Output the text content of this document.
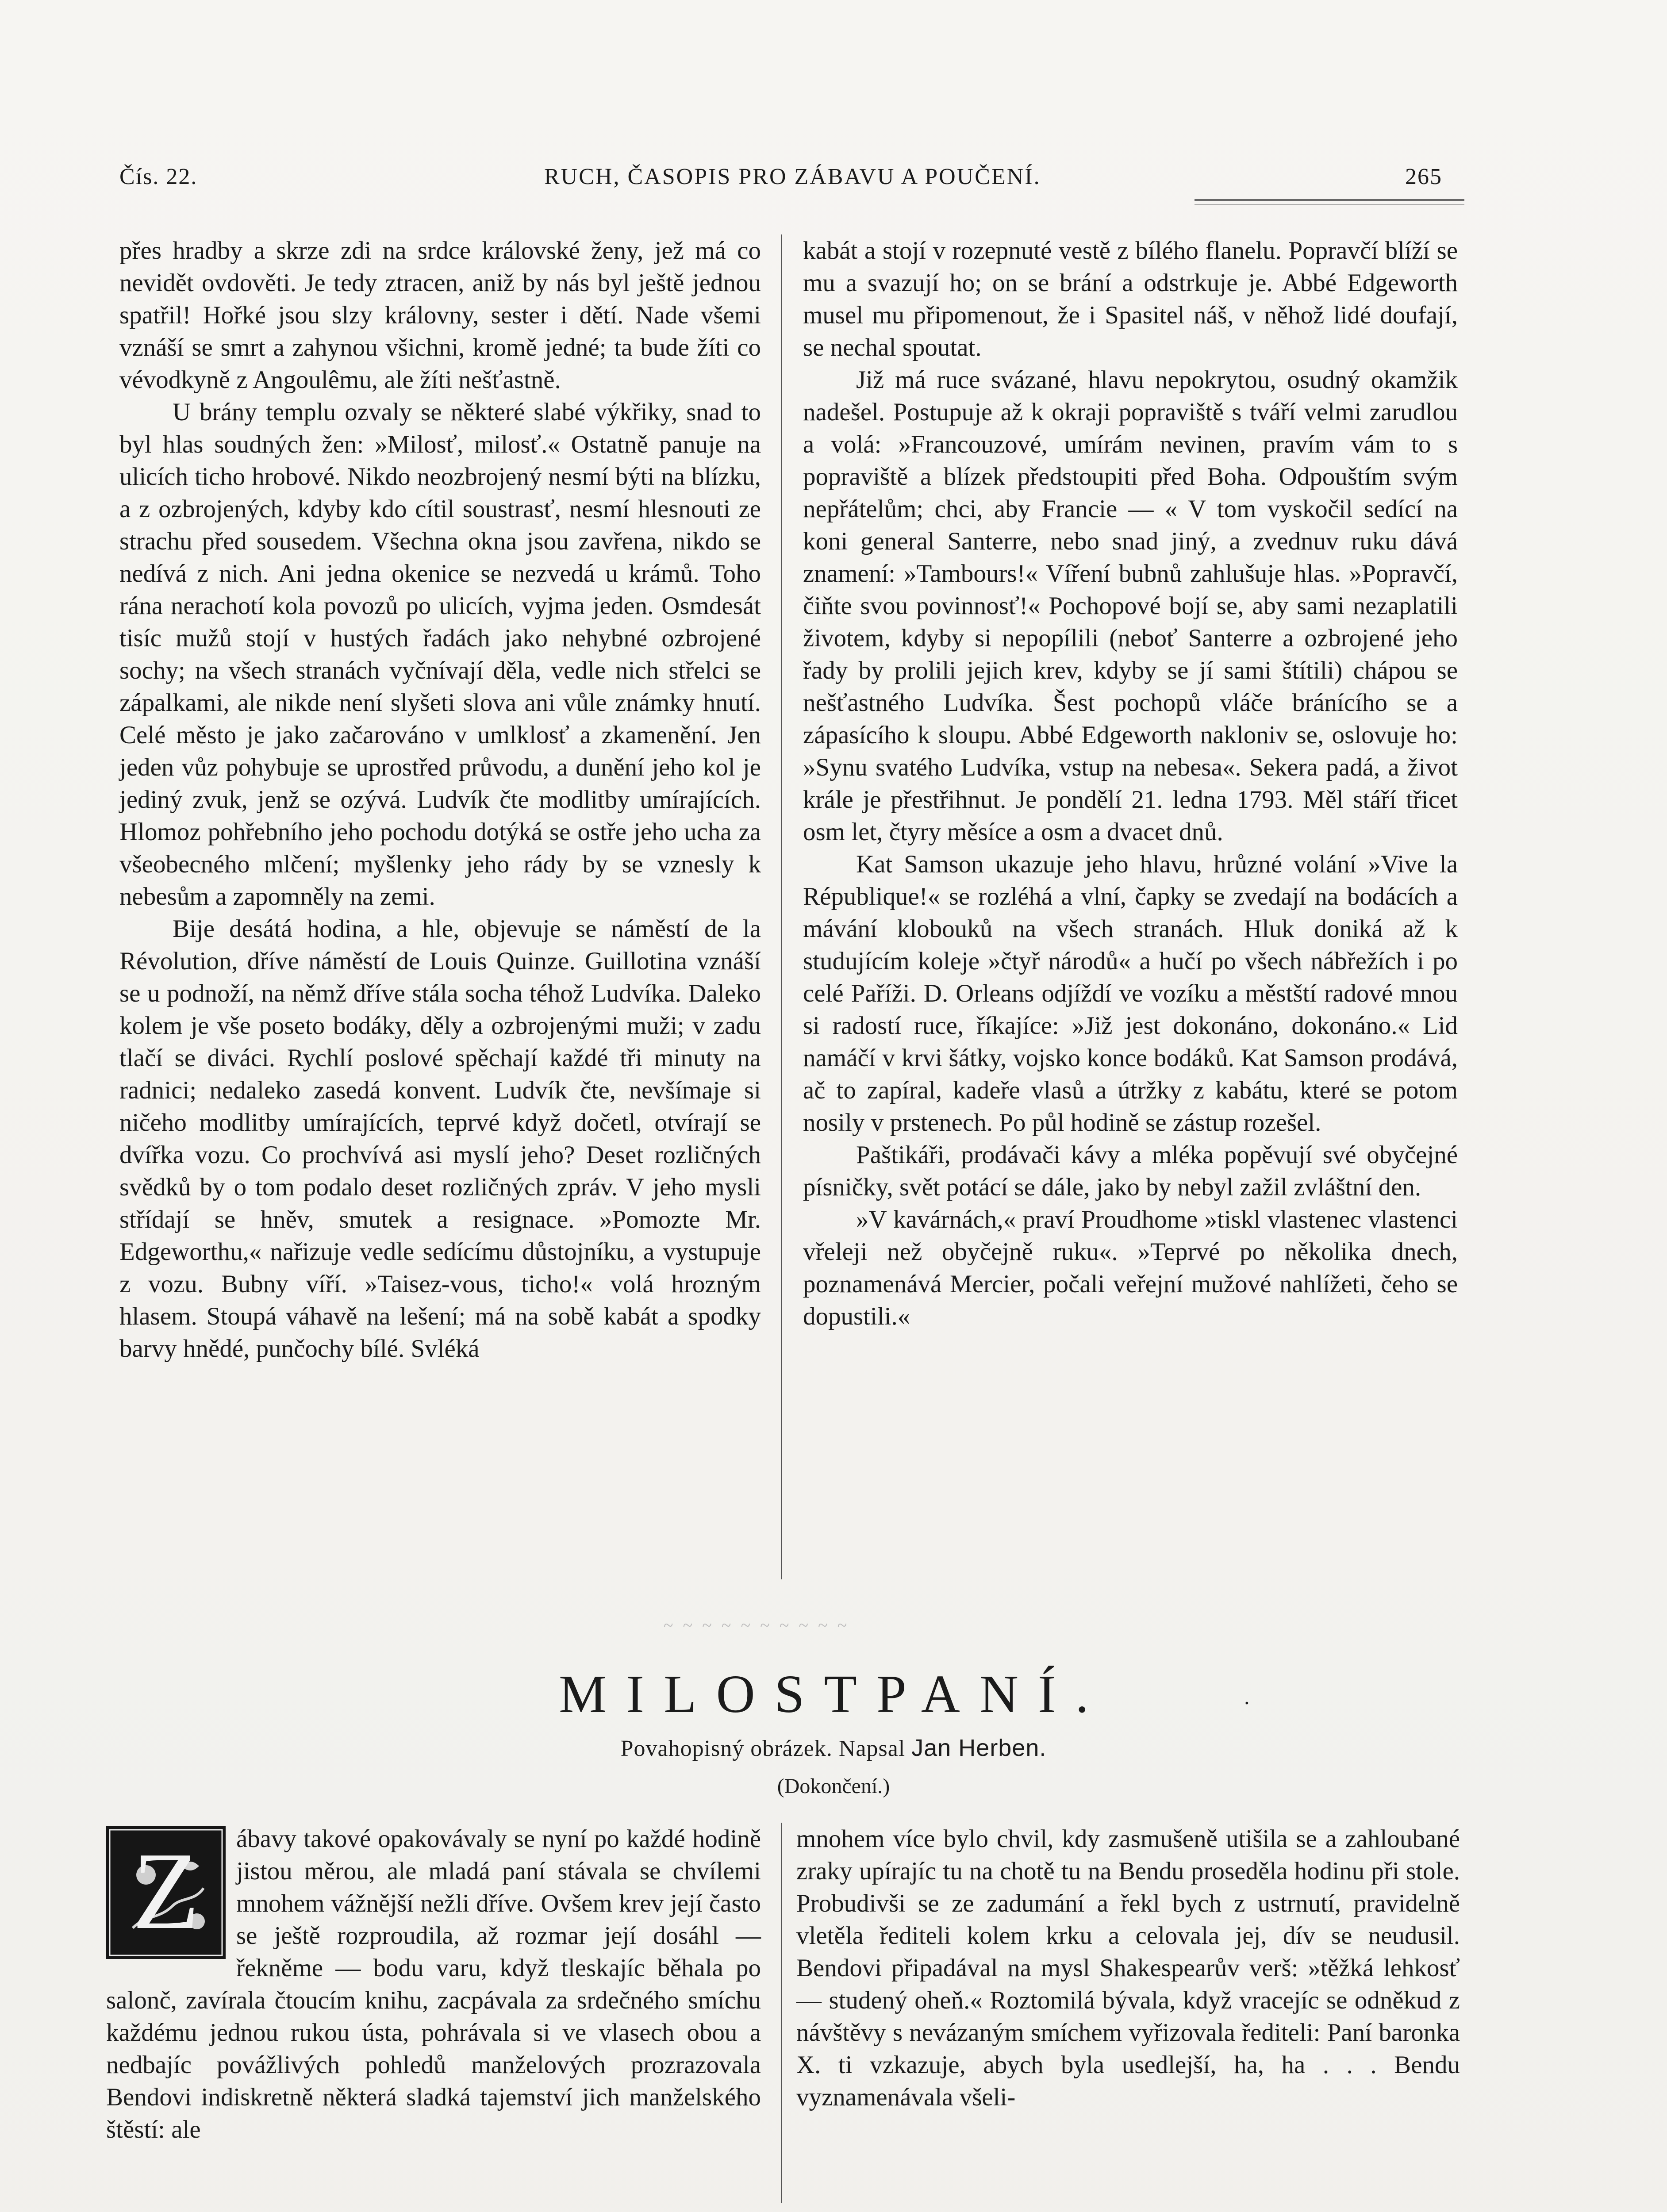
Čís. 22.	RUCH, ČASOPIS PRO ZÁBAVU A POUČENÍ.	265

přes hradby a skrze zdi na srdce královské ženy, jež má co nevidět ovdověti. Je tedy ztracen, aniž by nás byl ještě jednou spatřil! Hořké jsou slzy královny, sester i dětí. Nade všemi vznáší se smrt a zahynou všichni, kromě jedné; ta bude žíti co vévodkyně z Angoulêmu, ale žíti nešťastně.

U brány templu ozvaly se některé slabé výkřiky, snad to byl hlas soudných žen: »Milosť, milosť.« Ostatně panuje na ulicích ticho hrobové. Nikdo neozbrojený nesmí býti na blízku, a z ozbrojených, kdyby kdo cítil soustrasť, nesmí hlesnouti ze strachu před sousedem. Všechna okna jsou zavřena, nikdo se nedívá z nich. Ani jedna okenice se nezvedá u krámů. Toho rána nerachotí kola povozů po ulicích, vyjma jeden. Osmdesát tisíc mužů stojí v hustých řadách jako nehybné ozbrojené sochy; na všech stranách vyčnívají děla, vedle nich střelci se zápalkami, ale nikde není slyšeti slova ani vůle známky hnutí. Celé město je jako začarováno v umlklosť a zkamenění. Jen jeden vůz pohybuje se uprostřed průvodu, a dunění jeho kol je jediný zvuk, jenž se ozývá. Ludvík čte modlitby umírajících. Hlomoz pohřebního jeho pochodu dotýká se ostře jeho ucha za všeobecného mlčení; myšlenky jeho rády by se vznesly k nebesům a zapomněly na zemi.

Bije desátá hodina, a hle, objevuje se náměstí de la Révolution, dříve náměstí de Louis Quinze. Guillotina vznáší se u podnoží, na němž dříve stála socha téhož Ludvíka. Daleko kolem je vše poseto bodáky, děly a ozbrojenými muži; v zadu tlačí se diváci. Rychlí poslové spěchají každé tři minuty na radnici; nedaleko zasedá konvent. Ludvík čte, nevšímaje si ničeho modlitby umírajících, teprvé když dočetl, otvírají se dvířka vozu. Co prochvívá asi myslí jeho? Deset rozličných svědků by o tom podalo deset rozličných zpráv. V jeho mysli střídají se hněv, smutek a resignace. »Pomozte Mr. Edgeworthu,« nařizuje vedle sedícímu důstojníku, a vystupuje z vozu. Bubny víří. »Taisez-vous, ticho!« volá hrozným hlasem. Stoupá váhavě na lešení; má na sobě kabát a spodky barvy hnědé, punčochy bílé. Svléká

kabát a stojí v rozepnuté vestě z bílého flanelu. Popravčí blíží se mu a svazují ho; on se brání a odstrkuje je. Abbé Edgeworth musel mu připomenout, že i Spasitel náš, v něhož lidé doufají, se nechal spoutat.

Již má ruce svázané, hlavu nepokrytou, osudný okamžik nadešel. Postupuje až k okraji popraviště s tváří velmi zarudlou a volá: »Francouzové, umírám nevinen, pravím vám to s popraviště a blízek předstoupiti před Boha. Odpouštím svým nepřátelům; chci, aby Francie — « V tom vyskočil sedící na koni general Santerre, nebo snad jiný, a zvednuv ruku dává znamení: »Tambours!« Víření bubnů zahlušuje hlas. »Popravčí, čiňte svou povinnosť!« Pochopové bojí se, aby sami nezaplatili životem, kdyby si nepopílili (neboť Santerre a ozbrojené jeho řady by prolili jejich krev, kdyby se jí sami štítili) chápou se nešťastného Ludvíka. Šest pochopů vláče bránícího se a zápasícího k sloupu. Abbé Edgeworth nakloniv se, oslovuje ho: »Synu svatého Ludvíka, vstup na nebesa«. Sekera padá, a život krále je přestřihnut. Je pondělí 21. ledna 1793. Měl stáří třicet osm let, čtyry měsíce a osm a dvacet dnů.

Kat Samson ukazuje jeho hlavu, hrůzné volání »Vive la République!« se rozléhá a vlní, čapky se zvedají na bodácích a mávání klobouků na všech stranách. Hluk doniká až k studujícím koleje »čtyř národů« a hučí po všech nábřežích i po celé Paříži. D. Orleans odjíždí ve vozíku a městští radové mnou si radostí ruce, říkajíce: »Již jest dokonáno, dokonáno.« Lid namáčí v krvi šátky, vojsko konce bodáků. Kat Samson prodává, ač to zapíral, kadeře vlasů a útržky z kabátu, které se potom nosily v prstenech. Po půl hodině se zástup rozešel.

Paštikáři, prodávači kávy a mléka popěvují své obyčejné písničky, svět potácí se dále, jako by nebyl zažil zvláštní den.

»V kavárnách,« praví Proudhome »tiskl vlastenec vlastenci vřeleji než obyčejně ruku«. »Teprvé po několika dnech, poznamenává Mercier, počali veřejní mužové nahlížeti, čeho se dopustili.«

~ ~ ~ ~ ~ ~ ~ ~ ~ ~
MILOSTPANÍ.	·
Povahopisný obrázek. Napsal Jan Herben.
(Dokončení.)
Z	ábavy takové opakovávaly se nyní po každé hodině jistou měrou, ale mladá paní stávala se chvílemi mnohem vážnější nežli dříve. Ovšem krev její často se ještě rozproudila, až rozmar její dosáhl — řekněme — bodu varu, když tleskajíc běhala po salonč, zavírala čtoucím knihu, zacpávala za srdečného smíchu každému jednou rukou ústa, pohrávala si ve vlasech obou a nedbajíc povážlivých pohledů manželových prozrazovala Bendovi indiskretně některá sladká tajemství jich manželského štěstí: ale

mnohem více bylo chvil, kdy zasmušeně utišila se a zahloubané zraky upírajíc tu na chotě tu na Bendu proseděla hodinu při stole. Probudivši se ze zadumání a řekl bych z ustrnutí, pravidelně vletěla řediteli kolem krku a celovala jej, dív se neudusil. Bendovi připadával na mysl Shakespearův verš: »těžká lehkosť — studený oheň.« Roztomilá bývala, když vracejíc se odněkud z návštěvy s nevázaným smíchem vyřizovala řediteli: Paní baronka X. ti vzkazuje, abych byla usedlejší, ha, ha . . . Bendu vyznamenávala všeli-
